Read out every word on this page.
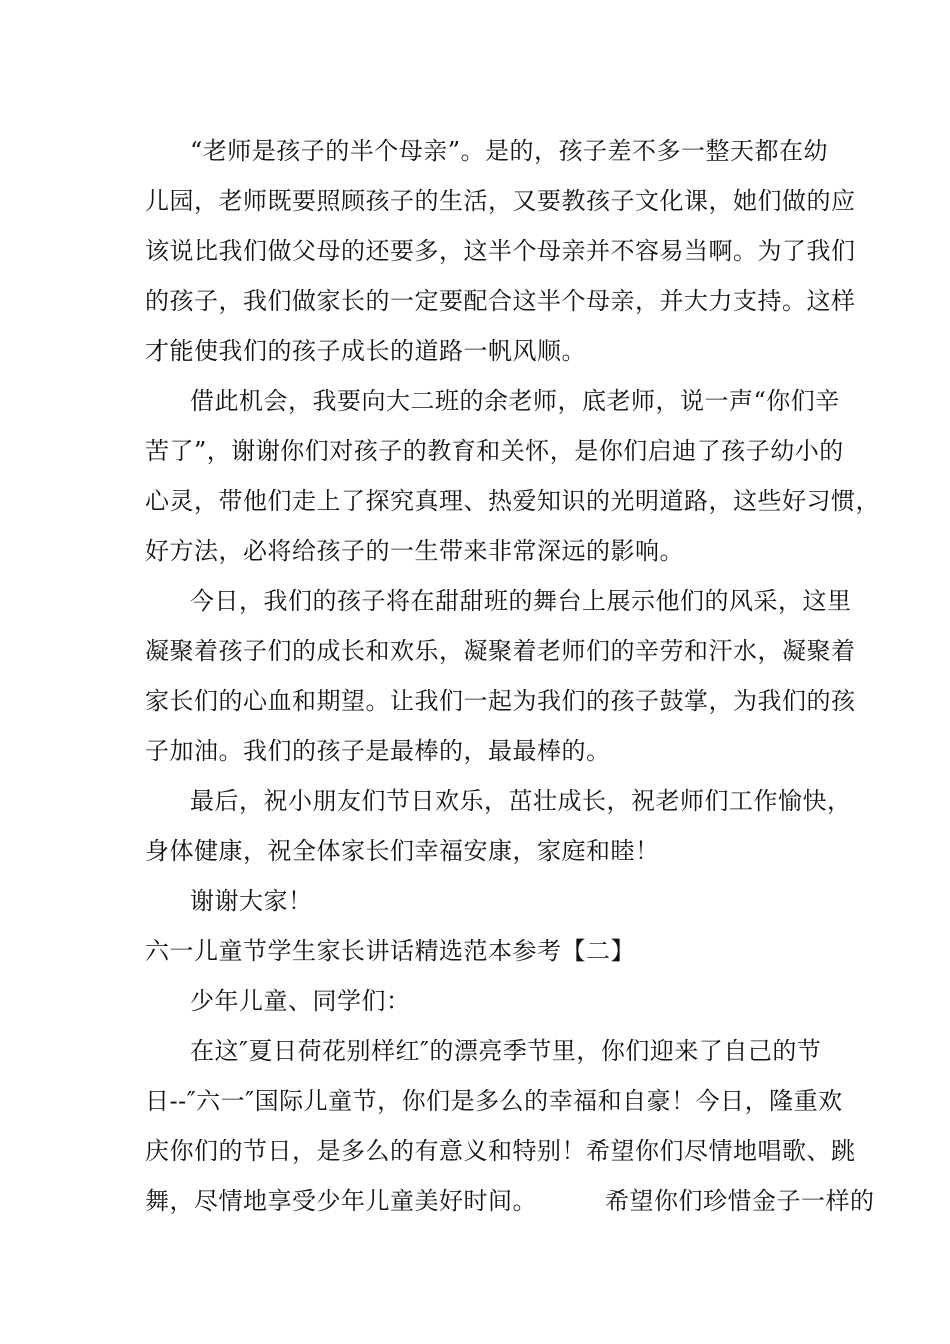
“老师是孩子的半个母亲”。是的，孩子差不多一整天都在幼
儿园，老师既要照顾孩子的生活，又要教孩子文化课，她们做的应
该说比我们做父母的还要多，这半个母亲并不容易当啊。为了我们
的孩子，我们做家长的一定要配合这半个母亲，并大力支持。这样
才能使我们的孩子成长的道路一帆风顺。
借此机会，我要向大二班的余老师，底老师，说一声“你们辛
苦了”，谢谢你们对孩子的教育和关怀，是你们启迪了孩子幼小的
心灵，带他们走上了探究真理、热爱知识的光明道路，这些好习惯，
好方法，必将给孩子的一生带来非常深远的影响。
今日，我们的孩子将在甜甜班的舞台上展示他们的风采，这里
凝聚着孩子们的成长和欢乐，凝聚着老师们的辛劳和汗水，凝聚着
家长们的心血和期望。让我们一起为我们的孩子鼓掌，为我们的孩
子加油。我们的孩子是最棒的，最最棒的。
最后，祝小朋友们节日欢乐，茁壮成长，祝老师们工作愉快，
身体健康，祝全体家长们幸福安康，家庭和睦！
谢谢大家！
六一儿童节学生家长讲话精选范本参考【二】
少年儿童、同学们：
在这″夏日荷花别样红″的漂亮季节里，你们迎来了自己的节
日--″六一″国际儿童节，你们是多么的幸福和自豪！今日，隆重欢
庆你们的节日，是多么的有意义和特别！希望你们尽情地唱歌、跳
舞，尽情地享受少年儿童美好时间。	希望你们珍惜金子一样的
